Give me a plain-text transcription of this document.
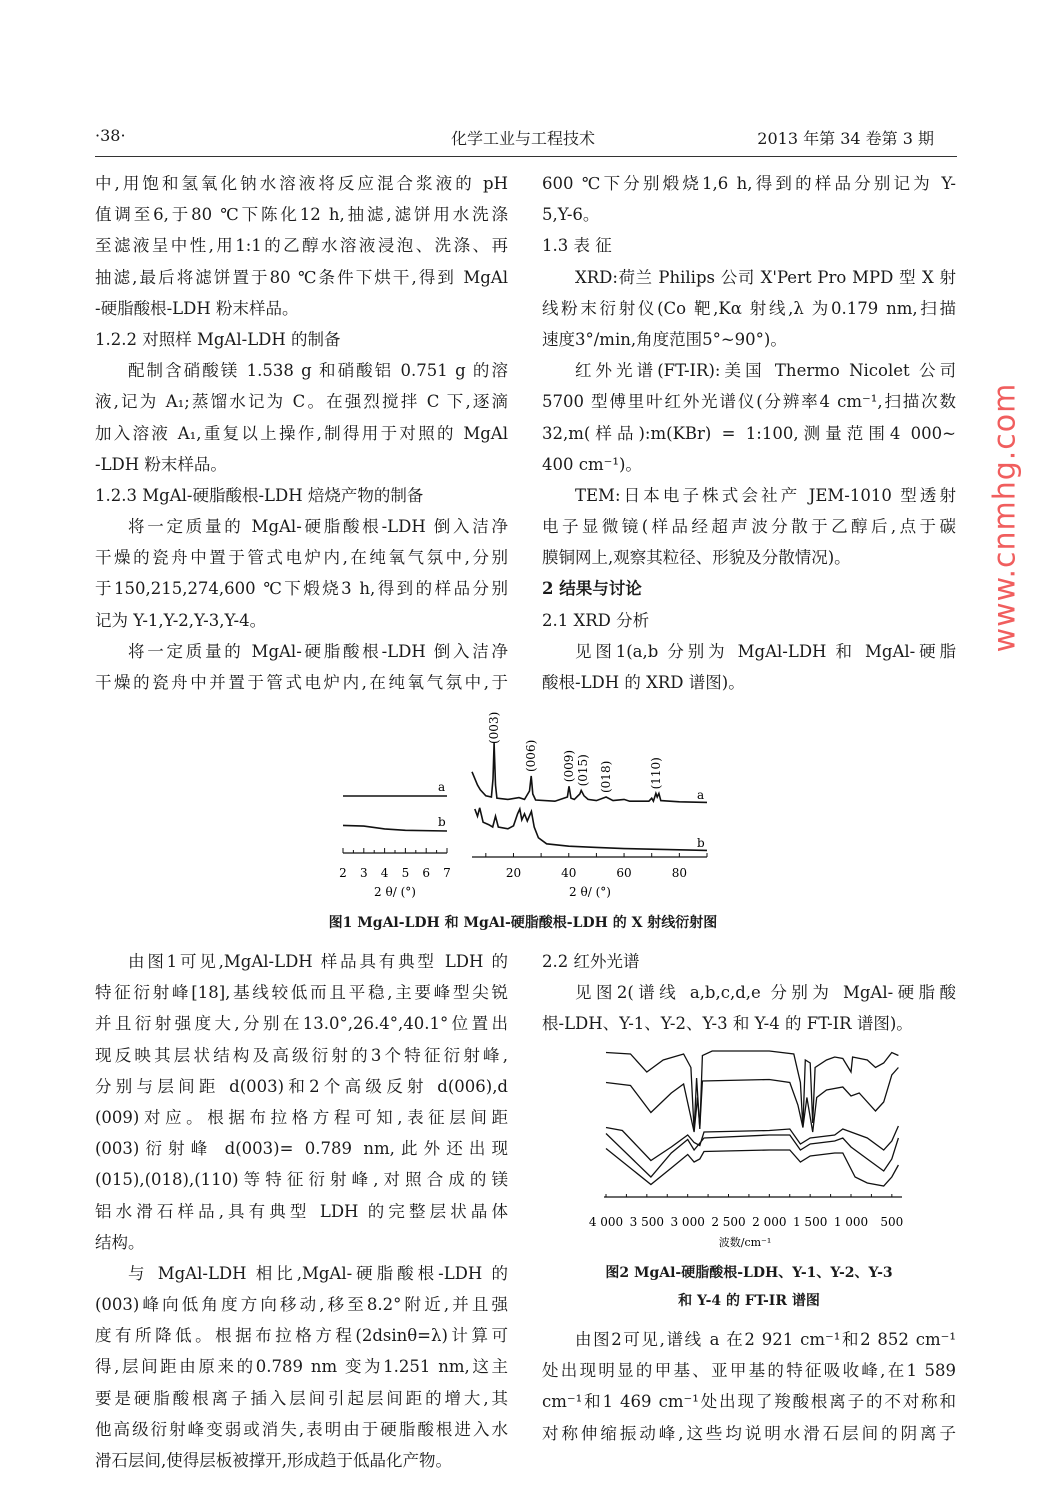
·38·	化学工业与工程技术	2013 年第 34 卷第 3 期
中,用饱和氢氧化钠水溶液将反应混合浆液的 pH
值调至6,于80 ℃下陈化12 h,抽滤,滤饼用水洗涤
至滤液呈中性,用1:1的乙醇水溶液浸泡、洗涤、再
抽滤,最后将滤饼置于80 ℃条件下烘干,得到 MgAl
-硬脂酸根-LDH 粉末样品。
1.2.2 对照样 MgAl-LDH 的制备
配制含硝酸镁 1.538 g 和硝酸铝 0.751 g 的溶
液,记为 A₁;蒸馏水记为 C。在强烈搅拌 C 下,逐滴
加入溶液 A₁,重复以上操作,制得用于对照的 MgAl
-LDH 粉末样品。
1.2.3 MgAl-硬脂酸根-LDH 焙烧产物的制备
将一定质量的 MgAl-硬脂酸根-LDH 倒入洁净
干燥的瓷舟中置于管式电炉内,在纯氧气氛中,分别
于150,215,274,600 ℃下煅烧3 h,得到的样品分别
记为 Y-1,Y-2,Y-3,Y-4。
将一定质量的 MgAl-硬脂酸根-LDH 倒入洁净
干燥的瓷舟中并置于管式电炉内,在纯氧气氛中,于
600 ℃下分别煅烧1,6 h,得到的样品分别记为 Y-
5,Y-6。
1.3 表 征
XRD:荷兰 Philips 公司 X'Pert Pro MPD 型 X 射
线粉末衍射仪(Co 靶,Kα 射线,λ 为0.179 nm,扫描
速度3°/min,角度范围5°~90°)。
红外光谱(FT-IR):美国 Thermo Nicolet 公司
5700 型傅里叶红外光谱仪(分辨率4 cm⁻¹,扫描次数
32,m(样品):m(KBr) = 1:100,测量范围4 000~
400 cm⁻¹)。
TEM:日本电子株式会社产 JEM-1010 型透射
电子显微镜(样品经超声波分散于乙醇后,点于碳
膜铜网上,观察其粒径、形貌及分散情况)。
2 结果与讨论
2.1 XRD 分析
见图1(a,b 分别为 MgAl-LDH 和 MgAl-硬脂
酸根-LDH 的 XRD 谱图)。
由图1可见,MgAl-LDH 样品具有典型 LDH 的
特征衍射峰[18],基线较低而且平稳,主要峰型尖锐
并且衍射强度大,分别在13.0°,26.4°,40.1°位置出
现反映其层状结构及高级衍射的3个特征衍射峰,
分别与层间距 d(003)和2个高级反射 d(006),d
(009)对应。根据布拉格方程可知,表征层间距
(003)衍射峰 d(003)= 0.789 nm,此外还出现
(015),(018),(110)等特征衍射峰,对照合成的镁
铝水滑石样品,具有典型 LDH 的完整层状晶体
结构。
与 MgAl-LDH 相比,MgAl-硬脂酸根-LDH 的
(003)峰向低角度方向移动,移至8.2°附近,并且强
度有所降低。根据布拉格方程(2dsinθ=λ)计算可
得,层间距由原来的0.789 nm 变为1.251 nm,这主
要是硬脂酸根离子插入层间引起层间距的增大,其
他高级衍射峰变弱或消失,表明由于硬脂酸根进入水
滑石层间,使得层板被撑开,形成趋于低晶化产物。
2.2 红外光谱
见图2(谱线 a,b,c,d,e 分别为 MgAl-硬脂酸
根-LDH、Y-1、Y-2、Y-3 和 Y-4 的 FT-IR 谱图)。
由图2可见,谱线 a 在2 921 cm⁻¹和2 852 cm⁻¹
处出现明显的甲基、亚甲基的特征吸收峰,在1 589
cm⁻¹和1 469 cm⁻¹处出现了羧酸根离子的不对称和
对称伸缩振动峰,这些均说明水滑石层间的阴离子
a
b
2 3 4 5 6 7
2 θ/ (°)
a
b
20	40	60	80
2 θ/ (°)
(003)
(006) (009) (015) (018)	(110)
图1 MgAl-LDH 和 MgAl-硬脂酸根-LDH 的 X 射线衍射图
4 000 3 500 3 000 2 500 2 000 1 500 1 000 500
波数/cm⁻¹
图2 MgAl-硬脂酸根-LDH、Y-1、Y-2、Y-3
和 Y-4 的 FT-IR 谱图
www.cnmhg.com
